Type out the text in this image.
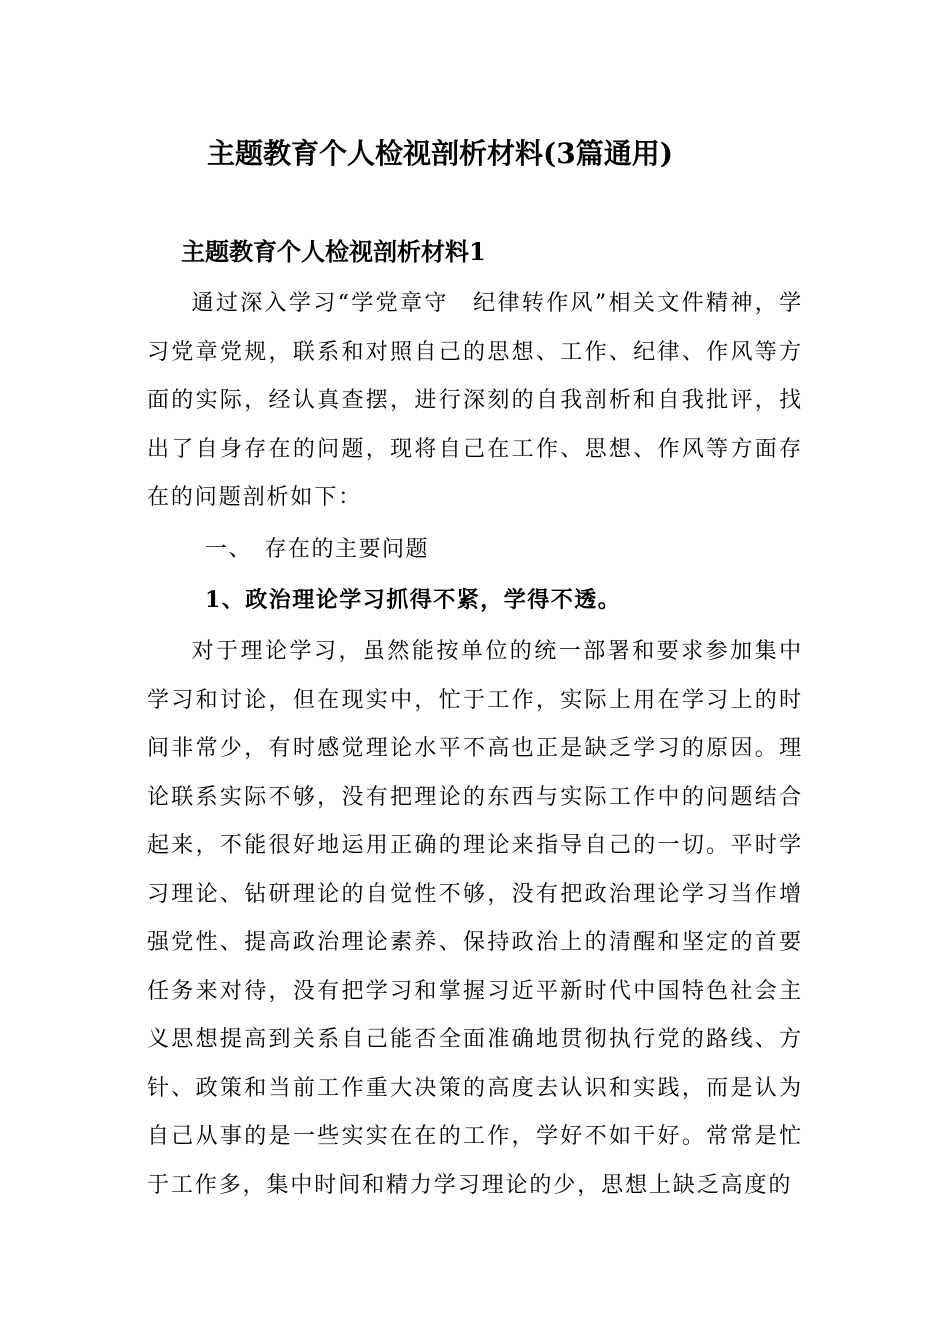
主题教育个人检视剖析材料(3篇通用)
主题教育个人检视剖析材料1
通过深入学习“学党章守　纪律转作风”相关文件精神，学习党章党规，联系和对照自己的思想、工作、纪律、作风等方面的实际，经认真查摆，进行深刻的自我剖析和自我批评，找出了自身存在的问题，现将自己在工作、思想、作风等方面存在的问题剖析如下：
一、　存在的主要问题
1、政治理论学习抓得不紧，学得不透。
对于理论学习，虽然能按单位的统一部署和要求参加集中学习和讨论，但在现实中，忙于工作，实际上用在学习上的时间非常少，有时感觉理论水平不高也正是缺乏学习的原因。理论联系实际不够，没有把理论的东西与实际工作中的问题结合起来，不能很好地运用正确的理论来指导自己的一切。平时学习理论、钻研理论的自觉性不够，没有把政治理论学习当作增强党性、提高政治理论素养、保持政治上的清醒和坚定的首要任务来对待，没有把学习和掌握习近平新时代中国特色社会主义思想提高到关系自己能否全面准确地贯彻执行党的路线、方针、政策和当前工作重大决策的高度去认识和实践，而是认为自己从事的是一些实实在在的工作，学好不如干好。常常是忙于工作多，集中时间和精力学习理论的少，思想上缺乏高度的
